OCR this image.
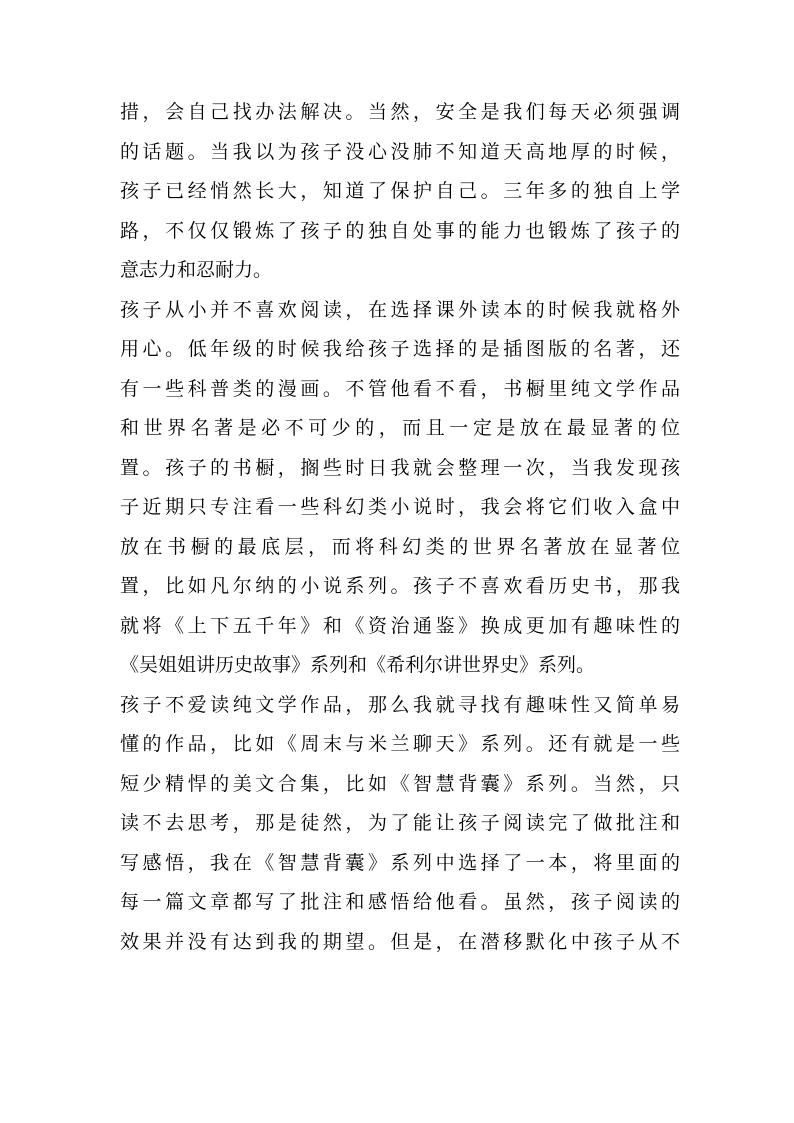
措，会自己找办法解决。当然，安全是我们每天必须强调
的话题。当我以为孩子没心没肺不知道天高地厚的时候，
孩子已经悄然长大，知道了保护自己。三年多的独自上学
路，不仅仅锻炼了孩子的独自处事的能力也锻炼了孩子的
意志力和忍耐力。
孩子从小并不喜欢阅读，在选择课外读本的时候我就格外
用心。低年级的时候我给孩子选择的是插图版的名著，还
有一些科普类的漫画。不管他看不看，书橱里纯文学作品
和世界名著是必不可少的，而且一定是放在最显著的位
置。孩子的书橱，搁些时日我就会整理一次，当我发现孩
子近期只专注看一些科幻类小说时，我会将它们收入盒中
放在书橱的最底层，而将科幻类的世界名著放在显著位
置，比如凡尔纳的小说系列。孩子不喜欢看历史书，那我
就将《上下五千年》和《资治通鉴》换成更加有趣味性的
《吴姐姐讲历史故事》系列和《希利尔讲世界史》系列。
孩子不爱读纯文学作品，那么我就寻找有趣味性又简单易
懂的作品，比如《周末与米兰聊天》系列。还有就是一些
短少精悍的美文合集，比如《智慧背囊》系列。当然，只
读不去思考，那是徒然，为了能让孩子阅读完了做批注和
写感悟，我在《智慧背囊》系列中选择了一本，将里面的
每一篇文章都写了批注和感悟给他看。虽然，孩子阅读的
效果并没有达到我的期望。但是，在潜移默化中孩子从不
